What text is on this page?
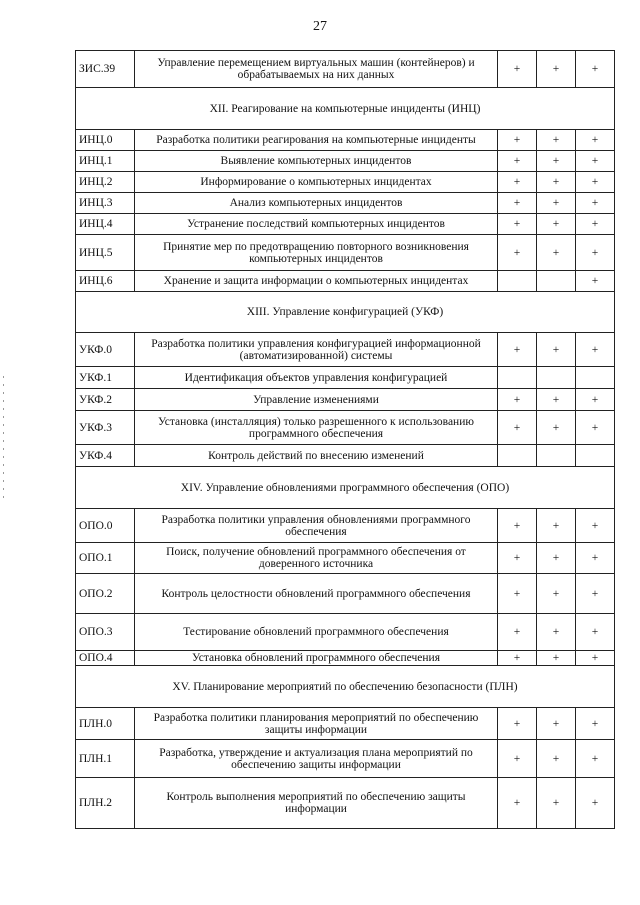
27
ЗИС.39	Управление перемещением виртуальных машин (контейнеров) и обрабатываемых на них данных	+	+	+
XII. Реагирование на компьютерные инциденты (ИНЦ)				
ИНЦ.0	Разработка политики реагирования на компьютерные инциденты	+	+	+
ИНЦ.1	Выявление компьютерных инцидентов	+	+	+
ИНЦ.2	Информирование о компьютерных инцидентах	+	+	+
ИНЦ.3	Анализ компьютерных инцидентов	+	+	+
ИНЦ.4	Устранение последствий компьютерных инцидентов	+	+	+
ИНЦ.5	Принятие мер по предотвращению повторного возникновения компьютерных инцидентов	+	+	+
ИНЦ.6	Хранение и защита информации о компьютерных инцидентах			+
XIII. Управление конфигурацией (УКФ)				
УКФ.0	Разработка политики управления конфигурацией информационной (автоматизированной) системы	+	+	+
УКФ.1	Идентификация объектов управления конфигурацией			
УКФ.2	Управление изменениями	+	+	+
УКФ.3	Установка (инсталляция) только разрешенного к использованию программного обеспечения	+	+	+
УКФ.4	Контроль действий по внесению изменений			
XIV. Управление обновлениями программного обеспечения (ОПО)				
ОПО.0	Разработка политики управления обновлениями программного обеспечения	+	+	+
ОПО.1	Поиск, получение обновлений программного обеспечения от доверенного источника	+	+	+
ОПО.2	Контроль целостности обновлений программного обеспечения	+	+	+
ОПО.3	Тестирование обновлений программного обеспечения	+	+	+
ОПО.4	Установка обновлений программного обеспечения	+	+	+
XV. Планирование мероприятий по обеспечению безопасности (ПЛН)				
ПЛН.0	Разработка политики планирования мероприятий по обеспечению защиты информации	+	+	+
ПЛН.1	Разработка, утверждение и актуализация плана мероприятий по обеспечению защиты информации	+	+	+
ПЛН.2	Контроль выполнения мероприятий по обеспечению защиты информации	+	+	+
